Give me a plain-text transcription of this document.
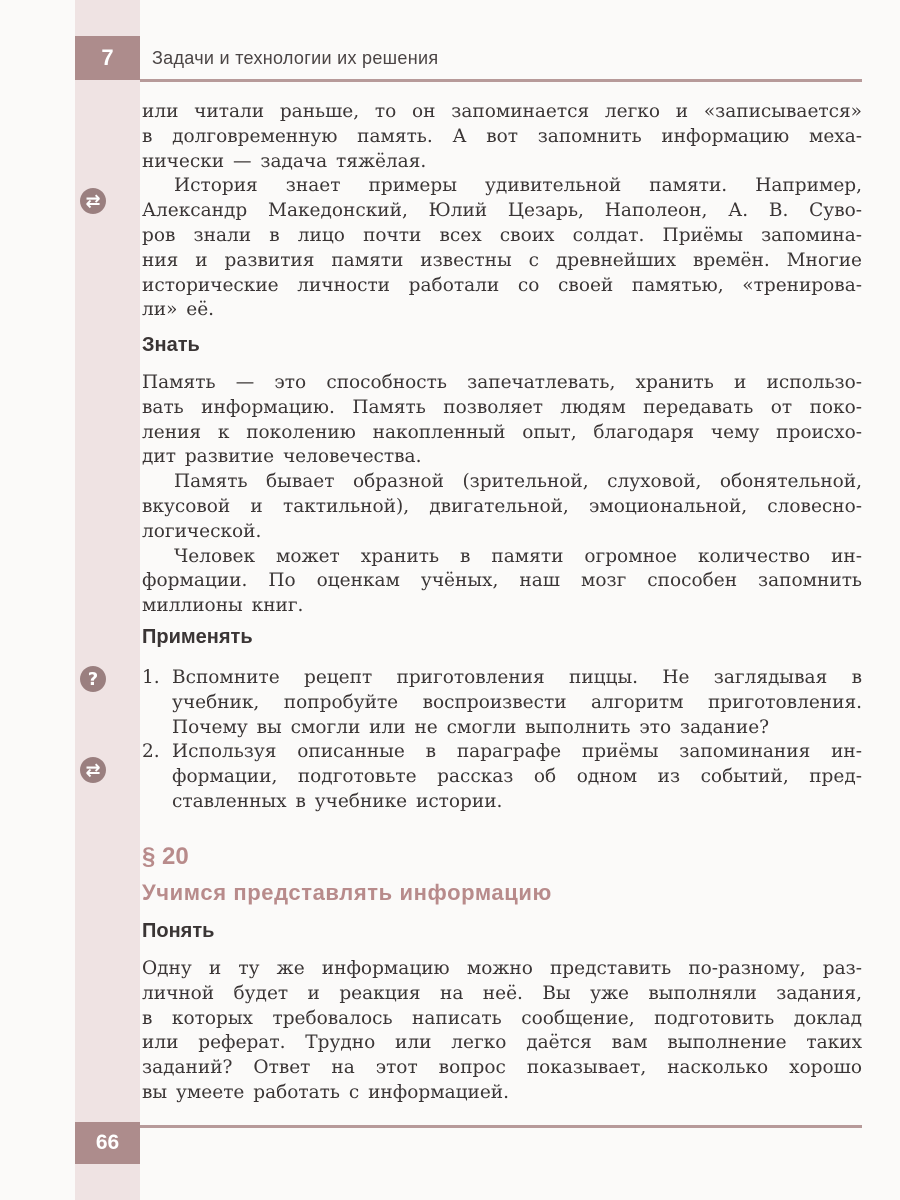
7	Задачи и технологии их решения
⇄
или читали раньше, то он запоминается легко и «записывается»
в долговременную память. А вот запомнить информацию меха-
нически — задача тяжёлая.
История знает примеры удивительной памяти. Например,
Александр Македонский, Юлий Цезарь, Наполеон, А. В. Суво-
ров знали в лицо почти всех своих солдат. Приёмы запомина-
ния и развития памяти известны с древнейших времён. Многие
исторические личности работали со своей памятью, «тренирова-
ли» её.
Знать
Память — это способность запечатлевать, хранить и использо-
вать информацию. Память позволяет людям передавать от поко-
ления к поколению накопленный опыт, благодаря чему происхо-
дит развитие человечества.
Память бывает образной (зрительной, слуховой, обонятельной,
вкусовой и тактильной), двигательной, эмоциональной, словесно-
логической.
Человек может хранить в памяти огромное количество ин-
формации. По оценкам учёных, наш мозг способен запомнить
миллионы книг.
Применять
?
⇄
1. Вспомните рецепт приготовления пиццы. Не заглядывая в
учебник, попробуйте воспроизвести алгоритм приготовления.
Почему вы смогли или не смогли выполнить это задание?
2. Используя описанные в параграфе приёмы запоминания ин-
формации, подготовьте рассказ об одном из событий, пред-
ставленных в учебнике истории.
§ 20
Учимся представлять информацию
Понять
Одну и ту же информацию можно представить по-разному, раз-
личной будет и реакция на неё. Вы уже выполняли задания,
в которых требовалось написать сообщение, подготовить доклад
или реферат. Трудно или легко даётся вам выполнение таких
заданий? Ответ на этот вопрос показывает, насколько хорошо
вы умеете работать с информацией.
66
